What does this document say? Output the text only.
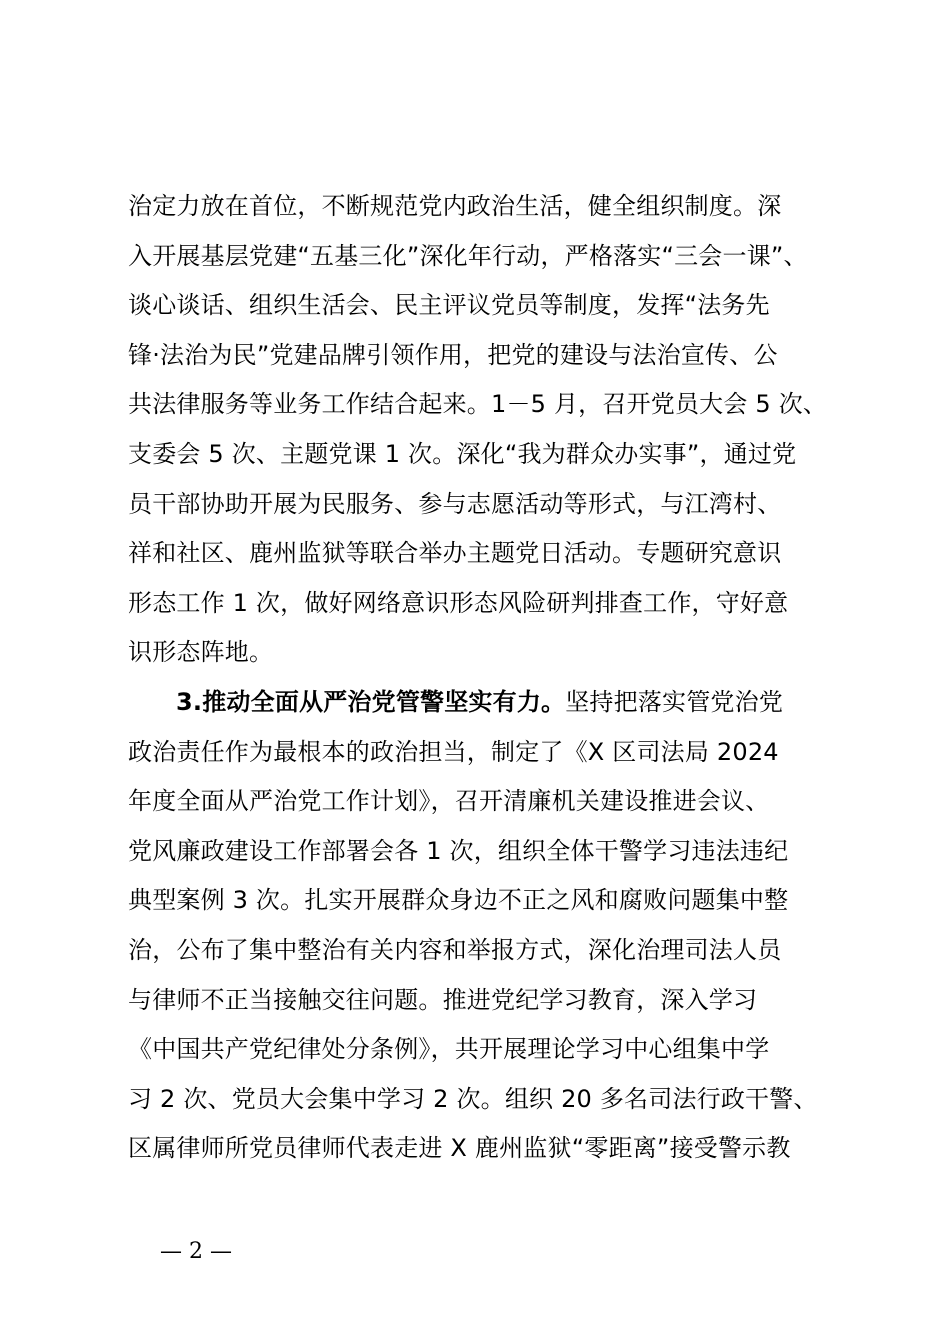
治定力放在首位，不断规范党内政治生活，健全组织制度。深
入开展基层党建“五基三化”深化年行动，严格落实“三会一课”、
谈心谈话、组织生活会、民主评议党员等制度，发挥“法务先
锋·法治为民”党建品牌引领作用，把党的建设与法治宣传、公
共法律服务等业务工作结合起来。1－5 月，召开党员大会 5 次、
支委会 5 次、主题党课 1 次。深化“我为群众办实事”，通过党
员干部协助开展为民服务、参与志愿活动等形式，与江湾村、
祥和社区、鹿州监狱等联合举办主题党日活动。专题研究意识
形态工作 1 次，做好网络意识形态风险研判排查工作，守好意
识形态阵地。
3.推动全面从严治党管警坚实有力。坚持把落实管党治党
政治责任作为最根本的政治担当，制定了《X 区司法局 2024
年度全面从严治党工作计划》，召开清廉机关建设推进会议、
党风廉政建设工作部署会各 1 次，组织全体干警学习违法违纪
典型案例 3 次。扎实开展群众身边不正之风和腐败问题集中整
治，公布了集中整治有关内容和举报方式，深化治理司法人员
与律师不正当接触交往问题。推进党纪学习教育，深入学习
《中国共产党纪律处分条例》，共开展理论学习中心组集中学
习 2 次、党员大会集中学习 2 次。组织 20 多名司法行政干警、
区属律师所党员律师代表走进 X 鹿州监狱“零距离”接受警示教
— 2 —
